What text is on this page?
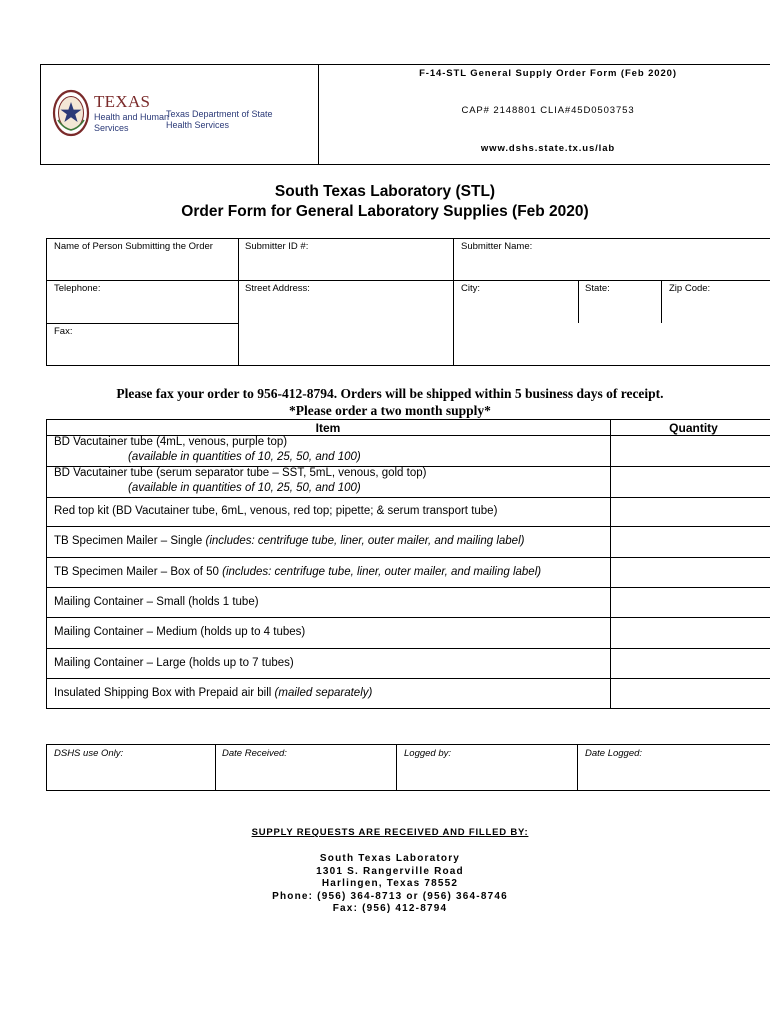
TEXAS
Health and Human
Services
Texas Department of State
Health Services
F-14-STL General Supply Order Form (Feb 2020)
CAP# 2148801 CLIA#45D0503753
www.dshs.state.tx.us/lab
South Texas Laboratory (STL)
Order Form for General Laboratory Supplies (Feb 2020)
Name of Person Submitting the Order	Submitter ID #:	Submitter Name:
Telephone:	Street Address:	City:	State:	Zip Code:
Fax:
Please fax your order to 956-412-8794. Orders will be shipped within 5 business days of receipt.
*Please order a two month supply*
Item	Quantity
BD Vacutainer tube (4mL, venous, purple top)
(available in quantities of 10, 25, 50, and 100)
BD Vacutainer tube (serum separator tube – SST, 5mL, venous, gold top)
(available in quantities of 10, 25, 50, and 100)
Red top kit (BD Vacutainer tube, 6mL, venous, red top; pipette; & serum transport tube)
TB Specimen Mailer – Single (includes: centrifuge tube, liner, outer mailer, and mailing label)
TB Specimen Mailer – Box of 50 (includes: centrifuge tube, liner, outer mailer, and mailing label)
Mailing Container – Small (holds 1 tube)
Mailing Container – Medium (holds up to 4 tubes)
Mailing Container – Large (holds up to 7 tubes)
Insulated Shipping Box with Prepaid air bill (mailed separately)
DSHS use Only:	Date Received:	Logged by:	Date Logged:
SUPPLY REQUESTS ARE RECEIVED AND FILLED BY:
South Texas Laboratory
1301 S. Rangerville Road
Harlingen, Texas 78552
Phone: (956) 364-8713 or (956) 364-8746
Fax: (956) 412-8794
